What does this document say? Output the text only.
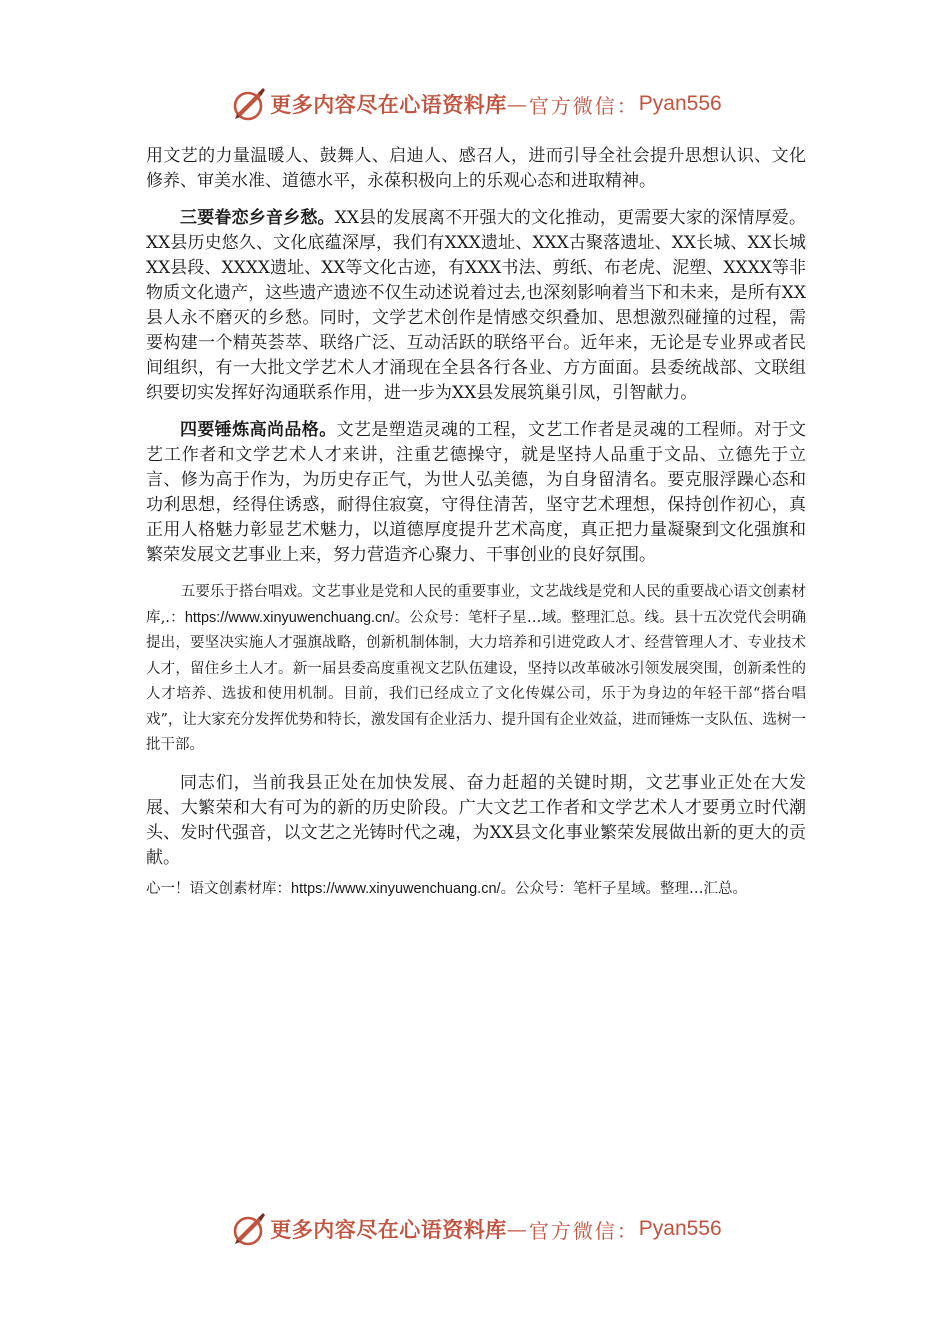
更多内容尽在心语资料库 — 官方微信： Pyan556

用文艺的力量温暖人、鼓舞人、启迪人、感召人，进而引导全社会提升思想认识、文化修养、审美水准、道德水平，永葆积极向上的乐观心态和进取精神。

三要眷恋乡音乡愁。XX县的发展离不开强大的文化推动，更需要大家的深情厚爱。XX县历史悠久、文化底蕴深厚，我们有XXX遗址、XXX古聚落遗址、XX长城、XX长城XX县段、XXXX遗址、XX等文化古迹，有XXX书法、剪纸、布老虎、泥塑、XXXX等非物质文化遗产，这些遗产遗迹不仅生动述说着过去,也深刻影响着当下和未来，是所有XX县人永不磨灭的乡愁。同时，文学艺术创作是情感交织叠加、思想激烈碰撞的过程，需要构建一个精英荟萃、联络广泛、互动活跃的联络平台。近年来，无论是专业界或者民间组织，有一大批文学艺术人才涌现在全县各行各业、方方面面。县委统战部、文联组织要切实发挥好沟通联系作用，进一步为XX县发展筑巢引凤，引智献力。

四要锤炼高尚品格。文艺是塑造灵魂的工程，文艺工作者是灵魂的工程师。对于文艺工作者和文学艺术人才来讲，注重艺德操守，就是坚持人品重于文品、立德先于立言、修为高于作为，为历史存正气，为世人弘美德，为自身留清名。要克服浮躁心态和功利思想，经得住诱惑，耐得住寂寞，守得住清苦，坚守艺术理想，保持创作初心，真正用人格魅力彰显艺术魅力，以道德厚度提升艺术高度，真正把力量凝聚到文化强旗和繁荣发展文艺事业上来，努力营造齐心聚力、干事创业的良好氛围。

五要乐于搭台唱戏。文艺事业是党和人民的重要事业，文艺战线是党和人民的重要战心语文创素材库,.：https://www.xinyuwenchuang.cn/。公众号：笔杆子星…域。整理汇总。线。县十五次党代会明确提出，要坚决实施人才强旗战略，创新机制体制，大力培养和引进党政人才、经营管理人才、专业技术人才，留住乡土人才。新一届县委高度重视文艺队伍建设，坚持以改革破冰引领发展突围，创新柔性的人才培养、选拔和使用机制。目前，我们已经成立了文化传媒公司，乐于为身边的年轻干部“搭台唱戏”，让大家充分发挥优势和特长，激发国有企业活力、提升国有企业效益，进而锤炼一支队伍、选树一批干部。

同志们，当前我县正处在加快发展、奋力赶超的关键时期，文艺事业正处在大发展、大繁荣和大有可为的新的历史阶段。广大文艺工作者和文学艺术人才要勇立时代潮头、发时代强音，以文艺之光铸时代之魂，为XX县文化事业繁荣发展做出新的更大的贡献。

心一！语文创素材库：https://www.xinyuwenchuang.cn/。公众号：笔杆子星域。整理…汇总。

更多内容尽在心语资料库 — 官方微信： Pyan556
